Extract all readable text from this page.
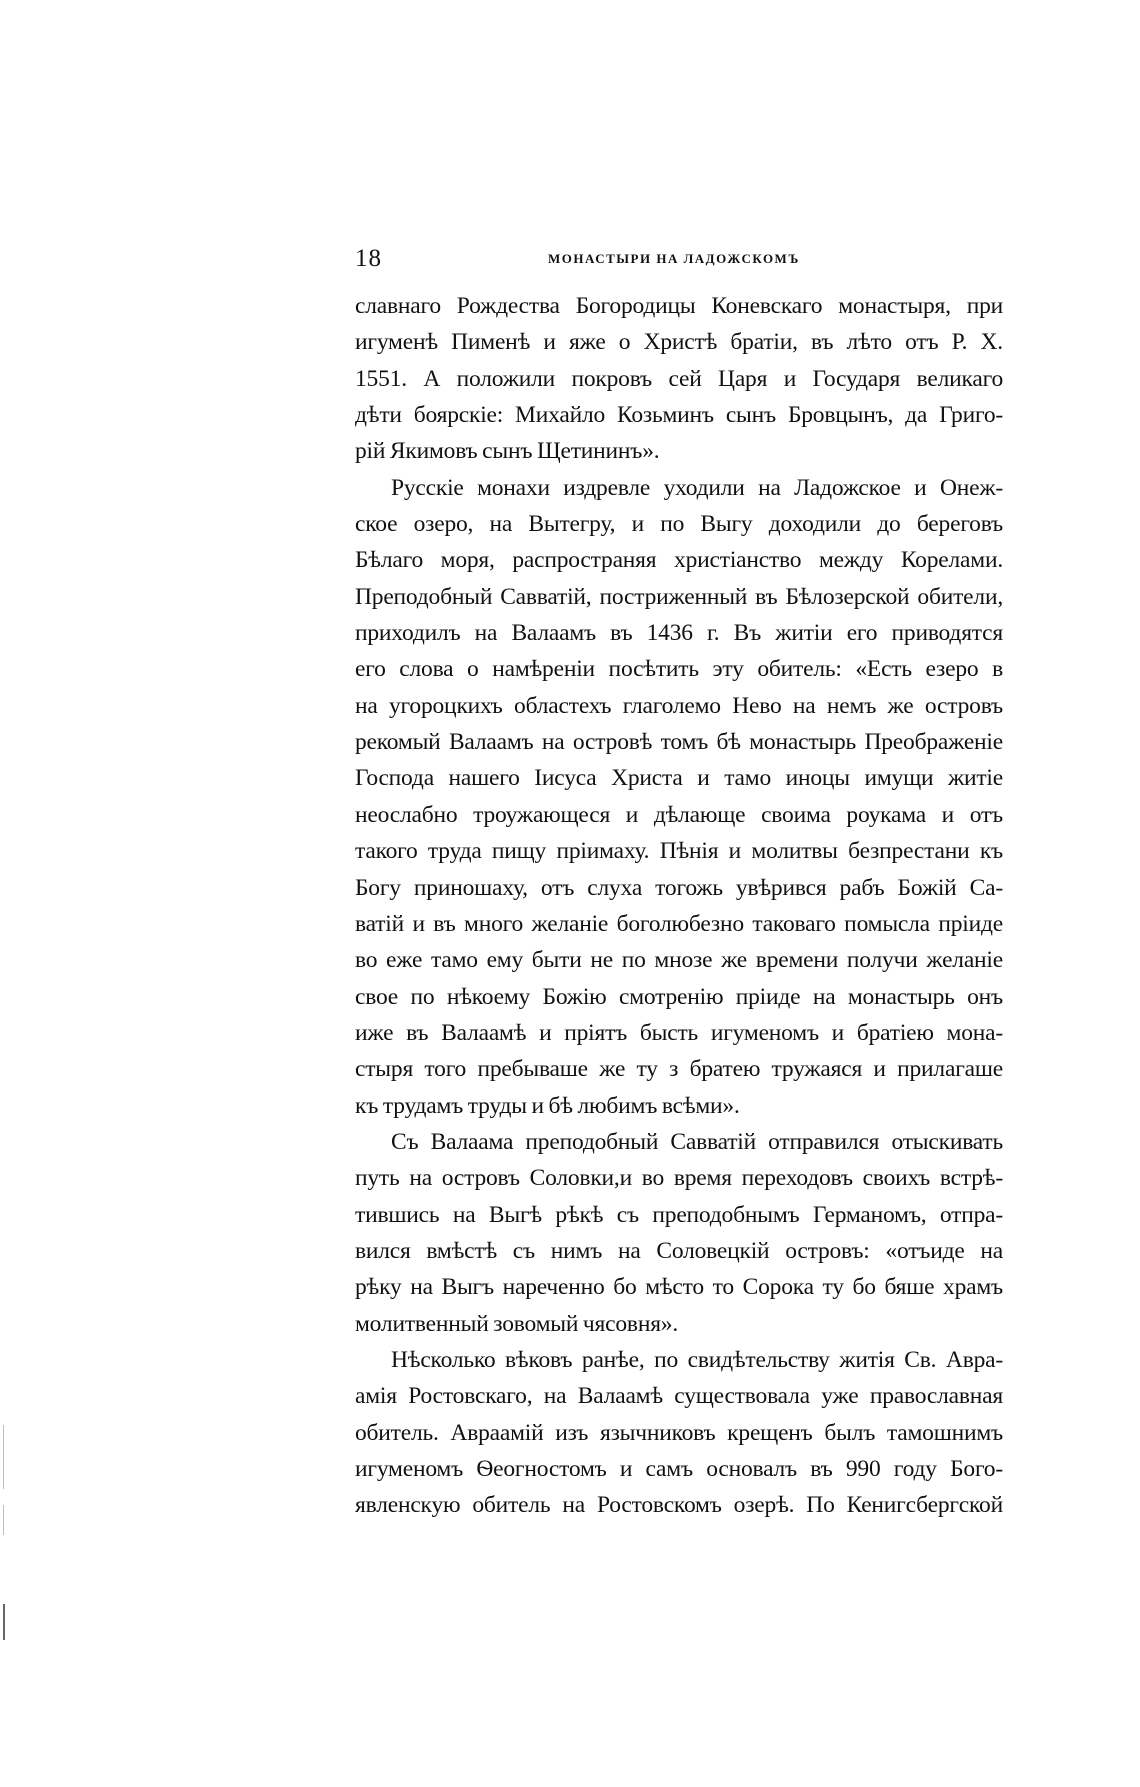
18	МОНАСТЫРИ НА ЛАДОЖСКОМЪ
славнаго Рождества Богородицы Коневскаго монастыря, при
игуменѣ Пименѣ и яже о Христѣ братiи, въ лѣто отъ Р. Х.
1551. А положили покровъ сей Царя и Государя великаго
дѣти боярскiе: Михайло Козьминъ сынъ Бровцынъ, да Григо-
рiй Якимовъ сынъ Щетининъ».
Русскiе монахи издревле уходили на Ладожское и Онеж-
ское озеро, на Вытегру, и по Выгу доходили до береговъ
Бѣлаго моря, распространяя христiанство между Корелами.
Преподобный Савватiй, постриженный въ Бѣлозерской обители,
приходилъ на Валаамъ въ 1436 г. Въ житiи его приводятся
его слова о намѣренiи посѣтить эту обитель: «Есть езеро в
на угороцкихъ областехъ глаголемо Нево на немъ же островъ
рекомый Валаамъ на островѣ томъ бѣ монастырь Преображенiе
Господа нашего Iисуса Христа и тамо иноцы имущи житiе
неослабно троужающеся и дѣлающе своима роукама и отъ
такого труда пищу прiимаху. Пѣнiя и молитвы безпрестани къ
Богу приношаху, отъ слуха тогожь увѣрився рабъ Божiй Са-
ватiй и въ много желанiе боголюбезно таковаго помысла прiиде
во еже тамо ему быти не по мнозе же времени получи желанiе
свое по нѣкоему Божiю смотренiю прiиде на монастырь онъ
иже въ Валаамѣ и прiятъ бысть игуменомъ и братiею мона-
стыря того пребываше же ту з братею тружаяся и прилагаше
къ трудамъ труды и бѣ любимъ всѣми».
Съ Валаама преподобный Савватiй отправился отыскивать
путь на островъ Соловки,и во время переходовъ своихъ встрѣ-
тившись на Выгѣ рѣкѣ съ преподобнымъ Германомъ, отпра-
вился вмѣстѣ съ нимъ на Соловецкiй островъ: «отъиде на
рѣку на Выгъ нареченно бо мѣсто то Сорока ту бо бяше храмъ
молитвенный зовомый чясовня».
Нѣсколько вѣковъ ранѣе, по свидѣтельству житiя Св. Авра-
амiя Ростовскаго, на Валаамѣ существовала уже православная
обитель. Авраамiй изъ язычниковъ крещенъ былъ тамошнимъ
игуменомъ Ѳеогностомъ и самъ основалъ въ 990 году Бого-
явленскую обитель на Ростовскомъ озерѣ. По Кенигсбергской
